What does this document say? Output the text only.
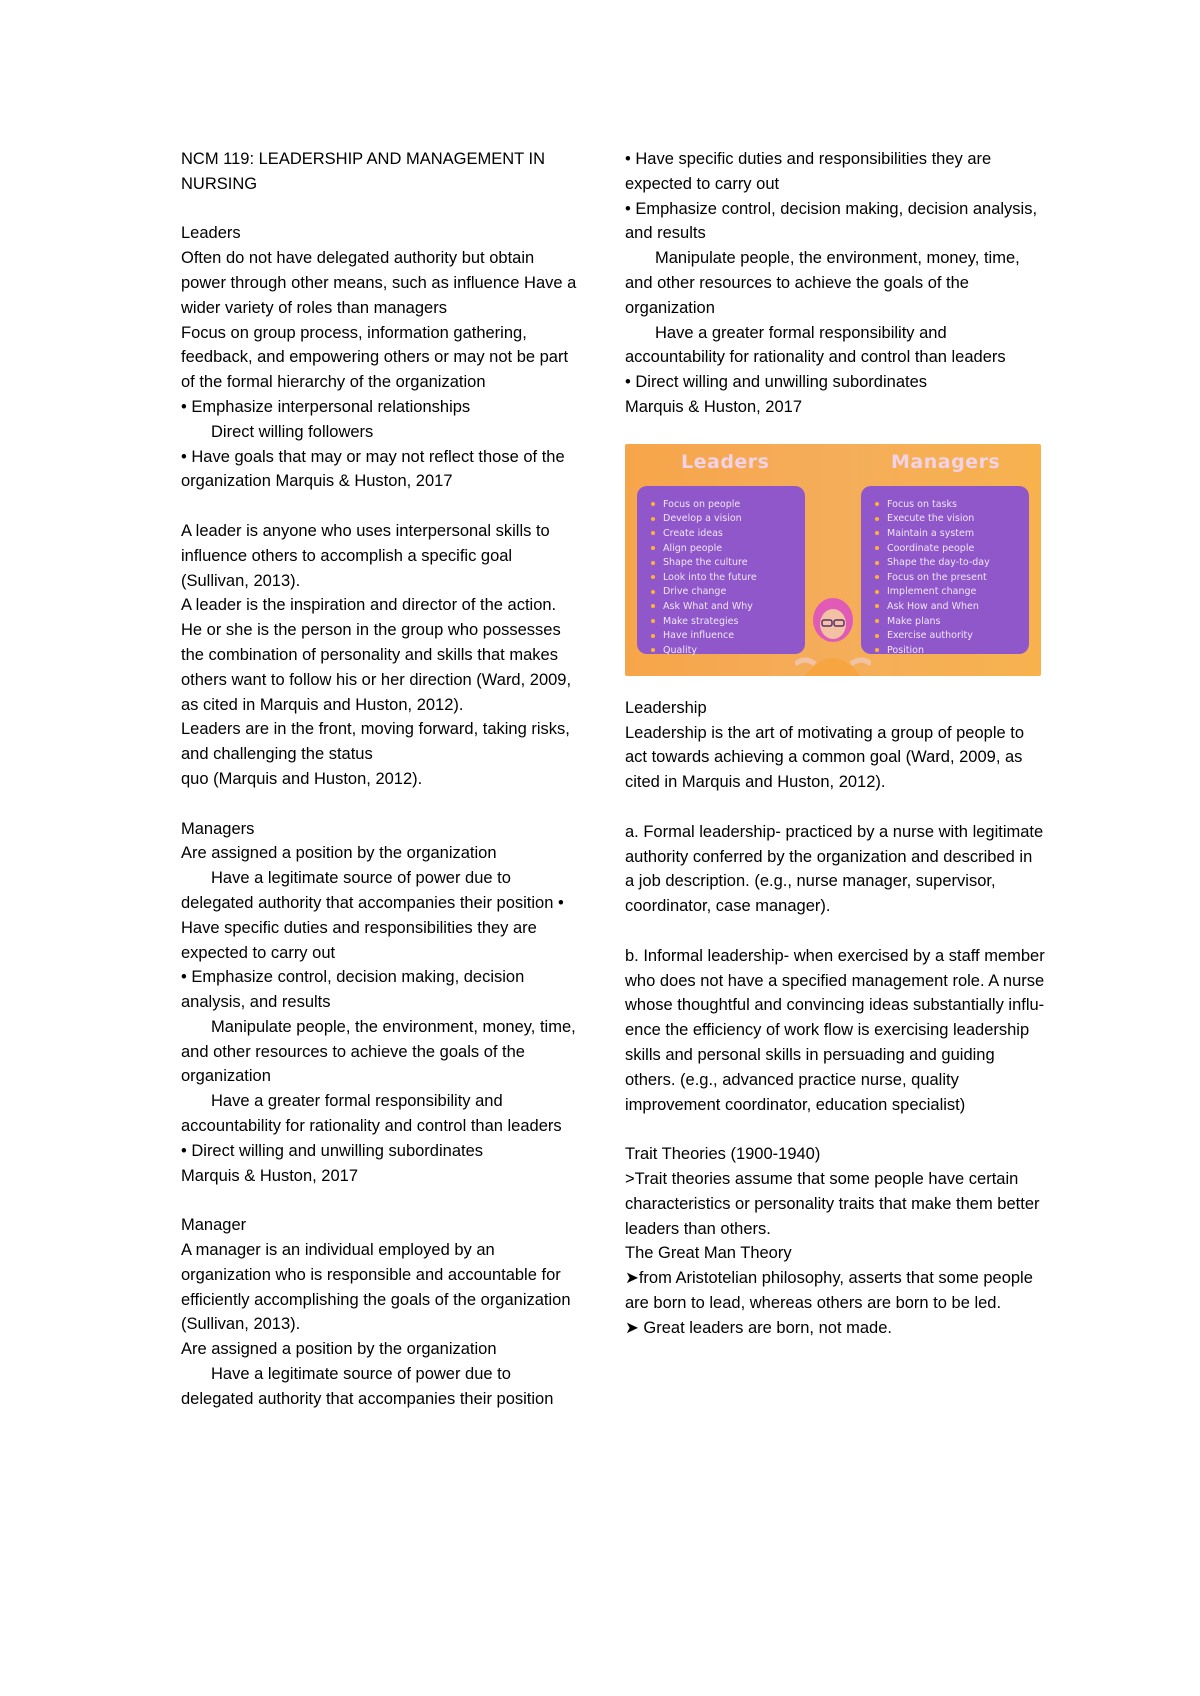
NCM 119: LEADERSHIP AND MANAGEMENT IN

NURSING

Leaders

Often do not have delegated authority but obtain power through other means, such as influence Have a wider variety of roles than managers

Focus on group process, information gathering, feedback, and empowering others or may not be part of the formal hierarchy of the organization

• Emphasize interpersonal relationships

Direct willing followers

• Have goals that may or may not reflect those of the organization Marquis & Huston, 2017

A leader is anyone who uses interpersonal skills to influence others to accomplish a specific goal (Sullivan, 2013).

A leader is the inspiration and director of the action. He or she is the person in the group who possesses the combination of personality and skills that makes others want to follow his or her direction (Ward, 2009, as cited in Marquis and Huston, 2012).

Leaders are in the front, moving forward, taking risks, and challenging the status

quo (Marquis and Huston, 2012).

Managers

Are assigned a position by the organization

Have a legitimate source of power due to delegated authority that accompanies their position • Have specific duties and responsibilities they are expected to carry out

• Emphasize control, decision making, decision analysis, and results

Manipulate people, the environment, money, time, and other resources to achieve the goals of the organization

Have a greater formal responsibility and accountability for rationality and control than leaders

• Direct willing and unwilling subordinates

Marquis & Huston, 2017

Manager

A manager is an individual employed by an organization who is responsible and accountable for efficiently accomplishing the goals of the organization (Sullivan, 2013).

Are assigned a position by the organization

Have a legitimate source of power due to delegated authority that accompanies their position

• Have specific duties and responsibilities they are expected to carry out

• Emphasize control, decision making, decision analysis, and results

Manipulate people, the environment, money, time, and other resources to achieve the goals of the organization

Have a greater formal responsibility and accountability for rationality and control than leaders

• Direct willing and unwilling subordinates

Marquis & Huston, 2017

Leaders	Managers
Focus on people
Develop a vision
Create ideas
Align people
Shape the culture
Look into the future
Drive change
Ask What and Why
Make strategies
Have influence
Quality
Focus on tasks
Execute the vision
Maintain a system
Coordinate people
Shape the day-to-day
Focus on the present
Implement change
Ask How and When
Make plans
Exercise authority
Position

Leadership

Leadership is the art of motivating a group of people to act towards achieving a common goal (Ward, 2009, as cited in Marquis and Huston, 2012).

a. Formal leadership- practiced by a nurse with legitimate authority conferred by the organization and described in a job description. (e.g., nurse manager, supervisor, coordinator, case manager).

b. Informal leadership- when exercised by a staff member who does not have a specified management role. A nurse whose thoughtful and convincing ideas substantially influ- ence the efficiency of work flow is exercising leadership skills and personal skills in persuading and guiding others. (e.g., advanced practice nurse, quality improvement coordinator, education specialist)

Trait Theories (1900-1940)

>Trait theories assume that some people have certain characteristics or personality traits that make them better leaders than others.

The Great Man Theory

➤from Aristotelian philosophy, asserts that some people are born to lead, whereas others are born to be led.

➤ Great leaders are born, not made.
